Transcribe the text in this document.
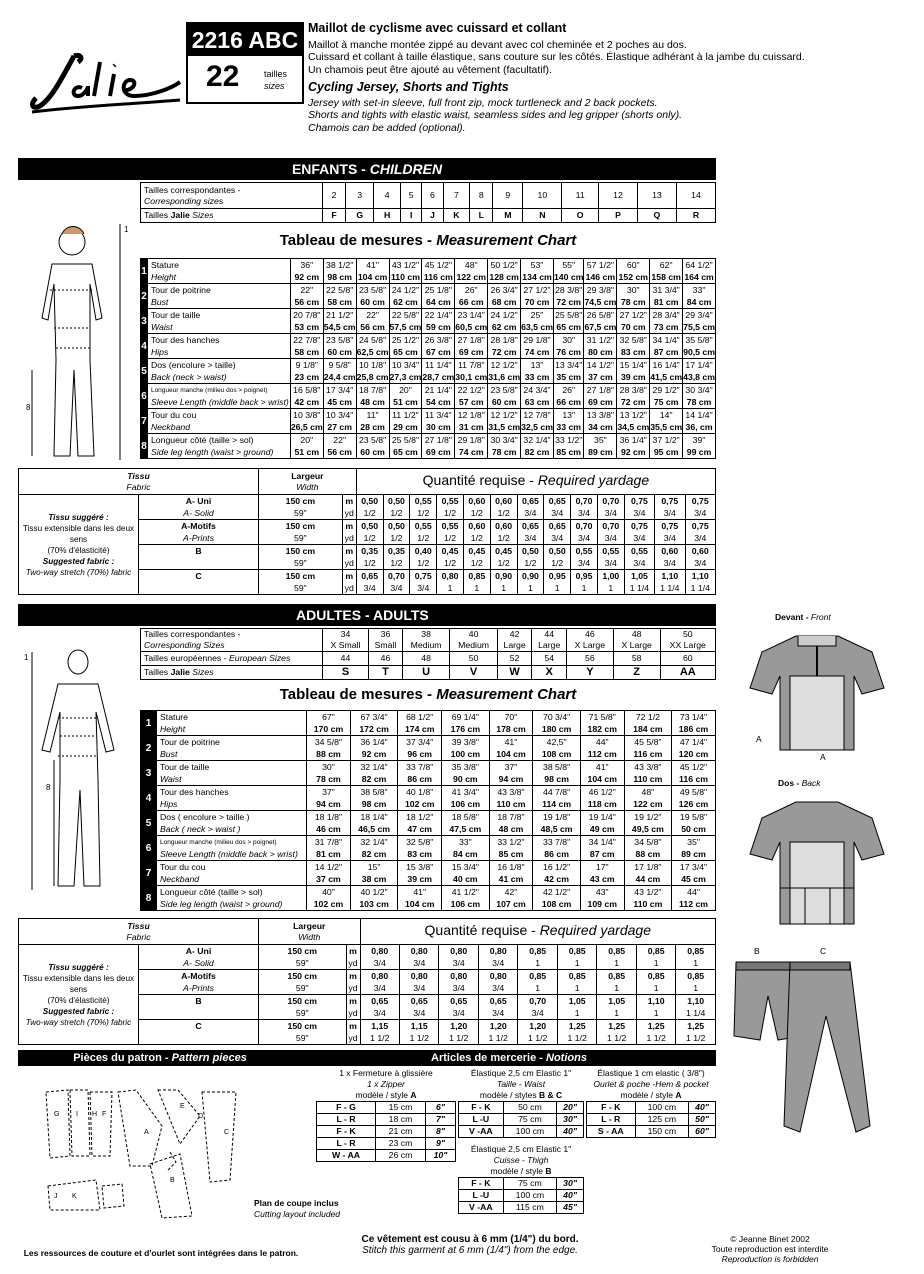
2216 ABC
22	tailles
sizes
Maillot de cyclisme avec cuissard et collant
Maillot à manche montée zippé au devant avec col cheminée et 2 poches au dos.
Cuissard et collant à taille élastique, sans couture sur les côtés. Élastique adhérant à la jambe du cuissard.
Un chamois peut être ajouté au vêtement (facultatif).
Cycling Jersey, Shorts and Tights
Jersey with set-in sleeve, full front zip, mock turtleneck and 2 back pockets.
Shorts and tights with elastic waist, seamless sides and leg gripper (shorts only).
Chamois can be added (optional).
ENFANTS - CHILDREN
1
8
Tailles correspondantes -
Corresponding sizes	2	3	4	5	6	7	8	9	10	11	12	13	14
Tailles Jalie Sizes	F	G	H	I	J	K	L	M	N	O	P	Q	R
Tableau de mesures - Measurement Chart
1	Stature	36"	38 1/2"	41"	43 1/2"	45 1/2"	48"	50 1/2"	53"	55"	57 1/2"	60"	62"	64 1/2"
	Height	92 cm	98 cm	104 cm	110 cm	116 cm	122 cm	128 cm	134 cm	140 cm	146 cm	152 cm	158 cm	164 cm
2	Tour de poitrine	22"	22 5/8"	23 5/8"	24 1/2"	25 1/8"	26"	26 3/4"	27 1/2"	28 3/8"	29 3/8"	30"	31 3/4"	33"
	Bust	56 cm	58 cm	60 cm	62 cm	64 cm	66 cm	68 cm	70 cm	72 cm	74,5 cm	78 cm	81 cm	84 cm
3	Tour de taille	20 7/8"	21 1/2"	22"	22 5/8"	22 1/4"	23 1/4"	24 1/2"	25"	25 5/8"	26 5/8"	27 1/2"	28 3/4"	29 3/4"
	Waist	53 cm	54,5 cm	56 cm	57,5 cm	59 cm	60,5 cm	62 cm	63,5 cm	65 cm	67,5 cm	70 cm	73 cm	75,5 cm
4	Tour des hanches	22 7/8"	23 5/8"	24 5/8"	25 1/2"	26 3/8"	27 1/8"	28 1/8"	29 1/8"	30"	31 1/2"	32 5/8"	34 1/4"	35 5/8"
	Hips	58 cm	60 cm	62,5 cm	65 cm	67 cm	69 cm	72 cm	74 cm	76 cm	80 cm	83 cm	87 cm	90,5 cm
5	Dos (encolure > taille)	9 1/8"	9 5/8"	10 1/8"	10 3/4"	11 1/4"	11 7/8"	12 1/2"	13"	13 3/4"	14 1/2"	15 1/4"	16 1/4"	17 1/4"
	Back (neck > waist)	23 cm	24,4 cm	25,8 cm	27,3 cm	28,7 cm	30,1 cm	31,6 cm	33 cm	35 cm	37 cm	39 cm	41,5 cm	43,8 cm
6	Longueur manche (milieu dos > poignet)	16 5/8"	17 3/4"	18 7/8"	20"	21 1/4"	22 1/2"	23 5/8"	24 3/4"	26"	27 1/8"	28 3/8"	29 1/2"	30 3/4"
	Sleeve Length (middle back > wrist)	42 cm	45 cm	48 cm	51 cm	54 cm	57 cm	60 cm	63 cm	66 cm	69 cm	72 cm	75 cm	78 cm
7	Tour du cou	10 3/8"	10 3/4"	11"	11 1/2"	11 3/4"	12 1/8"	12 1/2"	12 7/8"	13"	13 3/8"	13 1/2"	14"	14 1/4"
	Neckband	26,5 cm	27 cm	28 cm	29 cm	30 cm	31 cm	31,5 cm	32,5 cm	33 cm	34 cm	34,5 cm	35,5 cm	36, cm
8	Longueur côté (taille > sol)	20"	22"	23 5/8"	25 5/8"	27 1/8"	29 1/8"	30 3/4"	32 1/4"	33 1/2"	35"	36 1/4"	37 1/2"	39"
	Side leg length (waist > ground)	51 cm	56 cm	60 cm	65 cm	69 cm	74 cm	78 cm	82 cm	85 cm	89 cm	92 cm	95 cm	99 cm
Tissu
Fabric		Largeur
Width		Quantité requise - Required yardage												
Tissu suggéré :
Tissu extensible dans les deux sens
(70% d'élasticité)
Suggested fabric :
Two-way stretch (70%) fabric	A- Uni	150 cm	m	0,50	0,50	0,55	0,55	0,60	0,60	0,65	0,65	0,70	0,70	0,75	0,75	0,75
	A- Solid	59"	yd	1/2	1/2	1/2	1/2	1/2	1/2	3/4	3/4	3/4	3/4	3/4	3/4	3/4
	A-Motifs	150 cm	m	0,50	0,50	0,55	0,55	0,60	0,60	0,65	0,65	0,70	0,70	0,75	0,75	0,75
	A-Prints	59"	yd	1/2	1/2	1/2	1/2	1/2	1/2	3/4	3/4	3/4	3/4	3/4	3/4	3/4
	B	150 cm	m	0,35	0,35	0,40	0,45	0,45	0,45	0,50	0,50	0,55	0,55	0,55	0,60	0,60
		59"	yd	1/2	1/2	1/2	1/2	1/2	1/2	1/2	1/2	3/4	3/4	3/4	3/4	3/4
	C	150 cm	m	0,65	0,70	0,75	0,80	0,85	0,90	0,90	0,95	0,95	1,00	1,05	1,10	1,10
		59"	yd	3/4	3/4	3/4	1	1	1	1	1	1	1	1 1/4	1 1/4	1 1/4
ADULTES - ADULTS
1
8
Tailles correspondantes -	34	36	38	40	42	44	46	48	50
Corresponding Sizes	X Small	Small	Medium	Medium	Large	Large	X Large	X Large	XX Large
Tailles européennes - European Sizes	44	46	48	50	52	54	56	58	60
Tailles Jalie Sizes	S	T	U	V	W	X	Y	Z	AA
Tableau de mesures - Measurement Chart
1	Stature	67"	67 3/4"	68 1/2"	69 1/4"	70"	70 3/4"	71 5/8"	72 1/2	73 1/4"
	Height	170 cm	172 cm	174 cm	176 cm	178 cm	180 cm	182 cm	184 cm	186 cm
2	Tour de poitrine	34 5/8"	36 1/4"	37 3/4"	39 3/8"	41"	42,5"	44"	45 5/8"	47 1/4"
	Bust	88 cm	92 cm	96 cm	100 cm	104 cm	108 cm	112 cm	116 cm	120 cm
3	Tour de taille	30"	32 1/4"	33 7/8"	35 3/8"	37"	38 5/8"	41"	43 3/8"	45 1/2"
	Waist	78 cm	82 cm	86 cm	90 cm	94 cm	98 cm	104 cm	110 cm	116 cm
4	Tour des hanches	37"	38 5/8"	40 1/8"	41 3/4"	43 3/8"	44 7/8"	46 1/2"	48"	49 5/8"
	Hips	94 cm	98 cm	102 cm	106 cm	110 cm	114 cm	118 cm	122 cm	126 cm
5	Dos ( encolure > taille )	18 1/8"	18 1/4"	18 1/2"	18 5/8"	18 7/8"	19 1/8"	19 1/4"	19 1/2"	19 5/8"
	Back ( neck > waist )	46 cm	46,5 cm	47 cm	47,5 cm	48 cm	48,5 cm	49 cm	49,5 cm	50 cm
6	Longueur manche (milieu dos > poignet)	31 7/8"	32 1/4"	32 5/8"	33"	33 1/2"	33 7/8"	34 1/4"	34 5/8"	35"
	Sleeve Length (middle back > wrist)	81 cm	82 cm	83 cm	84 cm	85 cm	86 cm	87 cm	88 cm	89 cm
7	Tour du cou	14 1/2"	15"	15 3/8"	15 3/4"	16 1/8"	16 1/2"	17"	17 1/8"	17 3/4"
	Neckband	37 cm	38 cm	39 cm	40 cm	41 cm	42 cm	43 cm	44 cm	45 cm
8	Longueur côté (taille > sol)	40"	40 1/2"	41"	41 1/2"	42"	42 1/2"	43"	43 1/2"	44"
	Side leg length (waist > ground)	102 cm	103 cm	104 cm	106 cm	107 cm	108 cm	109 cm	110 cm	112 cm
Tissu
Fabric		Largeur
Width		Quantité requise - Required yardage								
Tissu suggéré :
Tissu extensible dans les deux sens
(70% d'élasticité)
Suggested fabric :
Two-way stretch (70%) fabric	A- Uni	150 cm	m	0,80	0,80	0,80	0,80	0,85	0,85	0,85	0,85	0,85
	A- Solid	59"	yd	3/4	3/4	3/4	3/4	1	1	1	1	1
	A-Motifs	150 cm	m	0,80	0,80	0,80	0,80	0,85	0,85	0,85	0,85	0,85
	A-Prints	59"	yd	3/4	3/4	3/4	3/4	1	1	1	1	1
	B	150 cm	m	0,65	0,65	0,65	0,65	0,70	1,05	1,05	1,10	1,10
		59"	yd	3/4	3/4	3/4	3/4	3/4	1	1	1	1 1/4
	C	150 cm	m	1,15	1,15	1,20	1,20	1,20	1,25	1,25	1,25	1,25
		59"	yd	1 1/2	1 1/2	1 1/2	1 1/2	1 1/2	1 1/2	1 1/2	1 1/2	1 1/2
Devant - Front
A
A
Dos - Back
B	C
Pièces du patron - Pattern pieces
G I H F
A
E
D
C
B
J K
Plan de coupe inclus
Cutting layout included
Articles de mercerie - Notions
1 x Fermeture à glissière		
1 x Zipper		
modèle / style A		
F - G	15 cm	6"
L - R	18 cm	7"
F - K	21 cm	8"
L - R	23 cm	9"
W - AA	26 cm	10"
Élastique 2,5 cm Elastic 1"		
Taille - Waist		
modèle / styles B & C		
F - K	50 cm	20"
L -U	75 cm	30"
V -AA	100 cm	40"
Élastique 1 cm elastic ( 3/8")		
Ourlet & poche -Hem & pocket		
modèle / style A		
F - K	100 cm	40"
L - R	125 cm	50"
S - AA	150 cm	60"
Élastique 2,5 cm Elastic 1"		
Cuisse - Thigh		
modèle / style B		
F - K	75 cm	30"
L -U	100 cm	40"
V -AA	115 cm	45"
Les ressources de couture et d'ourlet sont intégrées dans le patron.
Ce vêtement est cousu à 6 mm (1/4") du bord.
Stitch this garment at 6 mm (1/4") from the edge.
© Jeanne Binet 2002
Toute reproduction est interdite
Reproduction is forbidden
